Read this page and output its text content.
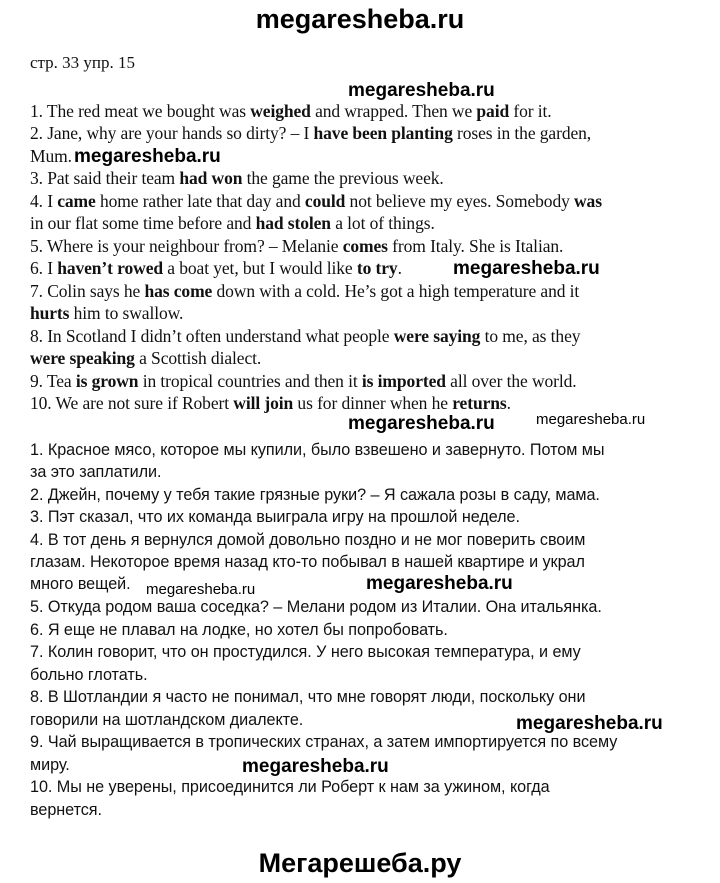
megaresheba.ru
стр. 33 упр. 15
megaresheba.ru
megaresheba.ru
megaresheba.ru
megaresheba.ru	megaresheba.ru
megaresheba.ru	megaresheba.ru
megaresheba.ru
megaresheba.ru
1. The red meat we bought was weighed and wrapped. Then we paid for it.
2. Jane, why are your hands so dirty? – I have been planting roses in the garden,
Mum.
3. Pat said their team had won the game the previous week.
4. I came home rather late that day and could not believe my eyes. Somebody was
in our flat some time before and had stolen a lot of things.
5. Where is your neighbour from? – Melanie comes from Italy. She is Italian.
6. I haven’t rowed a boat yet, but I would like to try.
7. Colin says he has come down with a cold. He’s got a high temperature and it
hurts him to swallow.
8. In Scotland I didn’t often understand what people were saying to me, as they
were speaking a Scottish dialect.
9. Tea is grown in tropical countries and then it is imported all over the world.
10. We are not sure if Robert will join us for dinner when he returns.
1. Красное мясо, которое мы купили, было взвешено и завернуто. Потом мы
за это заплатили.
2. Джейн, почему у тебя такие грязные руки? – Я сажала розы в саду, мама.
3. Пэт сказал, что их команда выиграла игру на прошлой неделе.
4. В тот день я вернулся домой довольно поздно и не мог поверить своим
глазам. Некоторое время назад кто-то побывал в нашей квартире и украл
много вещей.
5. Откуда родом ваша соседка? – Мелани родом из Италии. Она итальянка.
6. Я еще не плавал на лодке, но хотел бы попробовать.
7. Колин говорит, что он простудился. У него высокая температура, и ему
больно глотать.
8. В Шотландии я часто не понимал, что мне говорят люди, поскольку они
говорили на шотландском диалекте.
9. Чай выращивается в тропических странах, а затем импортируется по всему
миру.
10. Мы не уверены, присоединится ли Роберт к нам за ужином, когда
вернется.
Мегарешеба.ру
